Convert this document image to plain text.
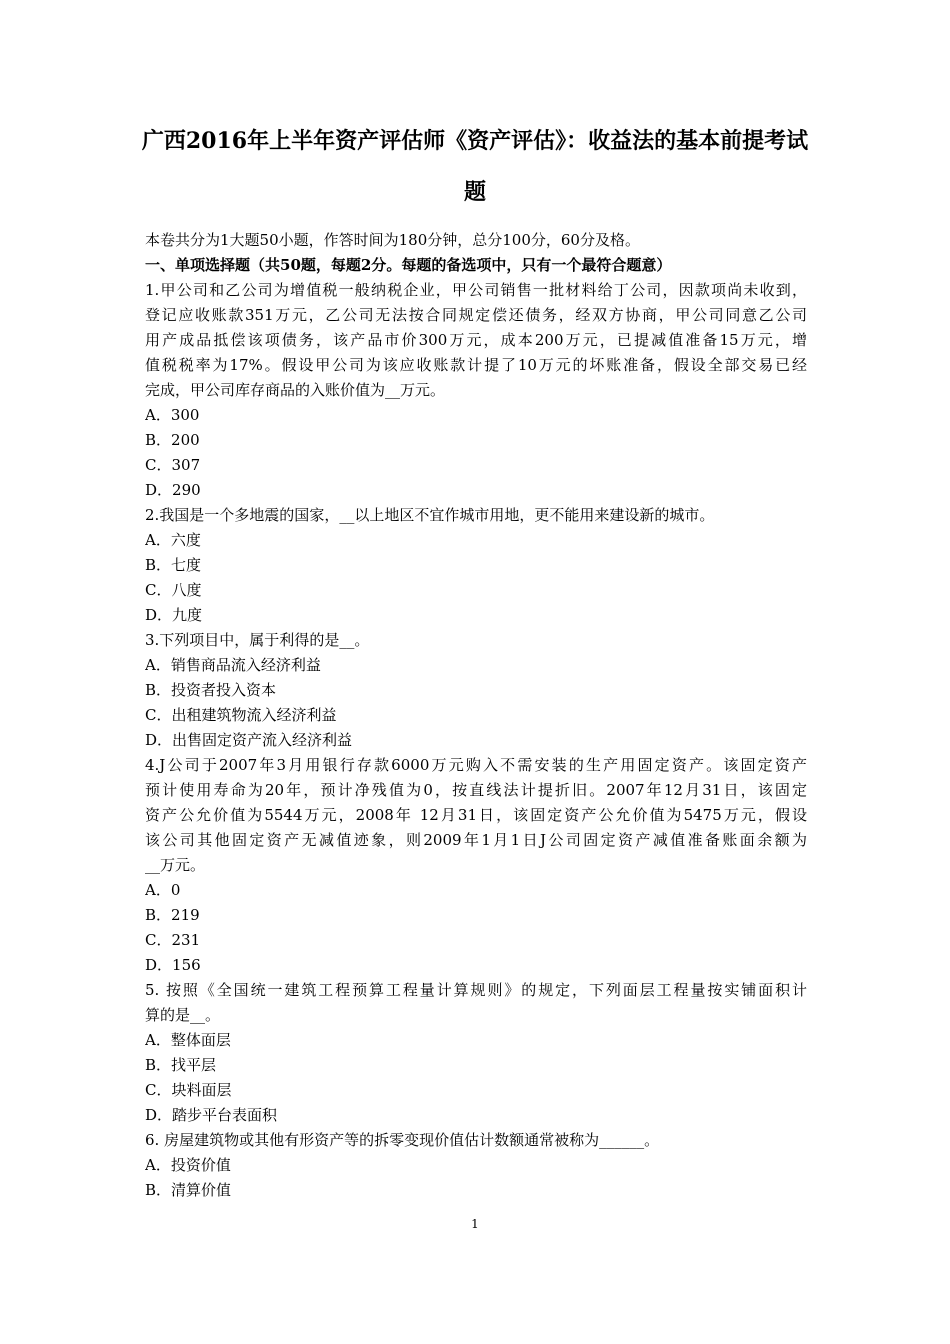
广西2016年上半年资产评估师《资产评估》：收益法的基本前提考试
题
本卷共分为1大题50小题，作答时间为180分钟，总分100分，60分及格。
一、单项选择题（共50题，每题2分。每题的备选项中，只有一个最符合题意）
1.甲公司和乙公司为增值税一般纳税企业，甲公司销售一批材料给丁公司，因款项尚未收到，
登记应收账款351万元，乙公司无法按合同规定偿还债务，经双方协商，甲公司同意乙公司
用产成品抵偿该项债务，该产品市价300万元，成本200万元，已提减值准备15万元，增
值税税率为17%。假设甲公司为该应收账款计提了10万元的坏账准备，假设全部交易已经
完成，甲公司库存商品的入账价值为__万元。
A．300
B．200
C．307
D．290
2.我国是一个多地震的国家，__以上地区不宜作城市用地，更不能用来建设新的城市。
A．六度
B．七度
C．八度
D．九度
3.下列项目中，属于利得的是__。
A．销售商品流入经济利益
B．投资者投入资本
C．出租建筑物流入经济利益
D．出售固定资产流入经济利益
4.J公司于2007年3月用银行存款6000万元购入不需安装的生产用固定资产。该固定资产
预计使用寿命为20年，预计净残值为0，按直线法计提折旧。2007年12月31日，该固定
资产公允价值为5544万元，2008年 12月31日，该固定资产公允价值为5475万元，假设
该公司其他固定资产无减值迹象，则2009年1月1日J公司固定资产减值准备账面余额为
__万元。
A．0
B．219
C．231
D．156
5. 按照《全国统一建筑工程预算工程量计算规则》的规定，下列面层工程量按实铺面积计
算的是__。
A．整体面层
B．找平层
C．块料面层
D．踏步平台表面积
6. 房屋建筑物或其他有形资产等的拆零变现价值估计数额通常被称为______。
A．投资价值
B．清算价值
1
